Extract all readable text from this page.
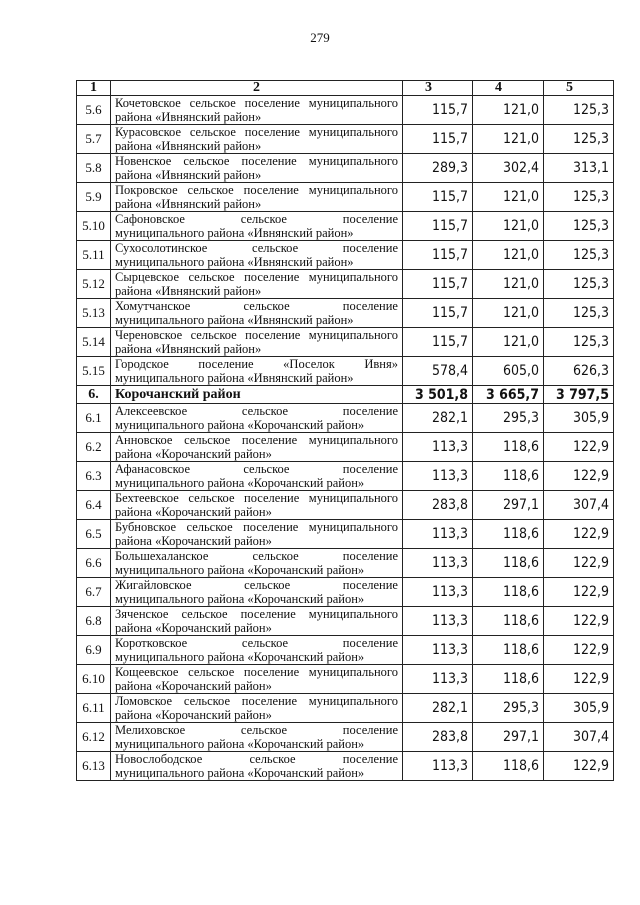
279
1	2	3	4	5
5.6	Кочетовское сельское поселение муниципального
района «Ивнянский район»	115,7	121,0	125,3
5.7	Курасовское сельское поселение муниципального
района «Ивнянский район»	115,7	121,0	125,3
5.8	Новенское сельское поселение муниципального
района «Ивнянский район»	289,3	302,4	313,1
5.9	Покровское сельское поселение муниципального
района «Ивнянский район»	115,7	121,0	125,3
5.10	Сафоновское сельское поселение
муниципального района «Ивнянский район»	115,7	121,0	125,3
5.11	Сухосолотинское сельское поселение
муниципального района «Ивнянский район»	115,7	121,0	125,3
5.12	Сырцевское сельское поселение муниципального
района «Ивнянский район»	115,7	121,0	125,3
5.13	Хомутчанское сельское поселение
муниципального района «Ивнянский район»	115,7	121,0	125,3
5.14	Череновское сельское поселение муниципального
района «Ивнянский район»	115,7	121,0	125,3
5.15	Городское поселение «Поселок Ивня»
муниципального района «Ивнянский район»	578,4	605,0	626,3
6.	Корочанский район	3 501,8	3 665,7	3 797,5
6.1	Алексеевское сельское поселение
муниципального района «Корочанский район»	282,1	295,3	305,9
6.2	Анновское сельское поселение муниципального
района «Корочанский район»	113,3	118,6	122,9
6.3	Афанасовское сельское поселение
муниципального района «Корочанский район»	113,3	118,6	122,9
6.4	Бехтеевское сельское поселение муниципального
района «Корочанский район»	283,8	297,1	307,4
6.5	Бубновское сельское поселение муниципального
района «Корочанский район»	113,3	118,6	122,9
6.6	Большехаланское сельское поселение
муниципального района «Корочанский район»	113,3	118,6	122,9
6.7	Жигайловское сельское поселение
муниципального района «Корочанский район»	113,3	118,6	122,9
6.8	Зяченское сельское поселение муниципального
района «Корочанский район»	113,3	118,6	122,9
6.9	Коротковское сельское поселение
муниципального района «Корочанский район»	113,3	118,6	122,9
6.10	Кощеевское сельское поселение муниципального
района «Корочанский район»	113,3	118,6	122,9
6.11	Ломовское сельское поселение муниципального
района «Корочанский район»	282,1	295,3	305,9
6.12	Мелиховское сельское поселение
муниципального района «Корочанский район»	283,8	297,1	307,4
6.13	Новослободское сельское поселение
муниципального района «Корочанский район»	113,3	118,6	122,9
